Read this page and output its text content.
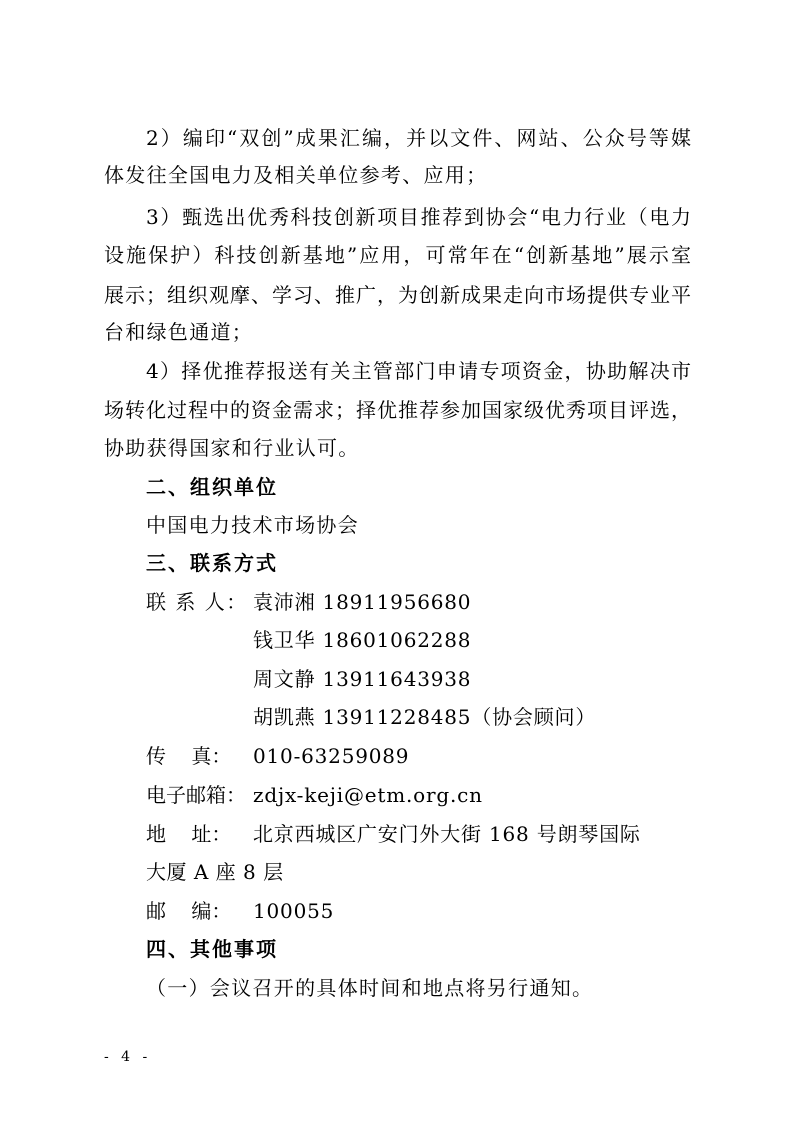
2）编印“双创”成果汇编，并以文件、网站、公众号等媒
体发往全国电力及相关单位参考、应用；
3）甄选出优秀科技创新项目推荐到协会“电力行业（电力
设施保护）科技创新基地”应用，可常年在“创新基地”展示室
展示；组织观摩、学习、推广，为创新成果走向市场提供专业平
台和绿色通道；
4）择优推荐报送有关主管部门申请专项资金，协助解决市
场转化过程中的资金需求；择优推荐参加国家级优秀项目评选，
协助获得国家和行业认可。
二、组织单位
中国电力技术市场协会
三、联系方式
联 系 人： 袁沛湘 18911956680
钱卫华 18601062288
周文静 13911643938
胡凯燕 13911228485（协会顾问）
传    真： 010-63259089
电子邮箱： zdjx-keji@etm.org.cn
地    址： 北京西城区广安门外大街 168 号朗琴国际
大厦 A 座 8 层
邮    编： 100055
四、其他事项
（一）会议召开的具体时间和地点将另行通知。
- 4 -
